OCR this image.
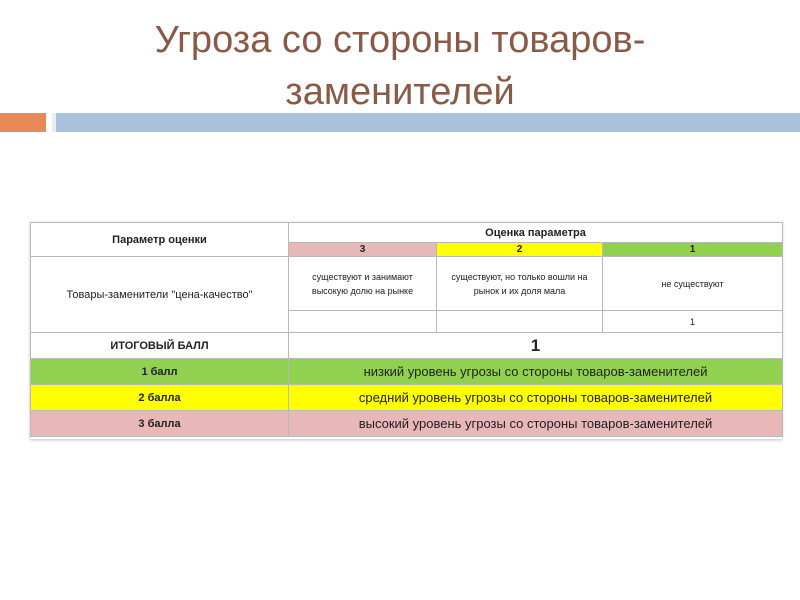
Угроза со стороны товаров-заменителей
Параметр оценки	Оценка параметра		
	3	2	1
Товары-заменители "цена-качество"	существуют и занимают высокую долю на рынке	существуют, но только вошли на рынок и их доля мала	не существуют
			1
ИТОГОВЫЙ БАЛЛ	1		
1 балл	низкий уровень угрозы со стороны товаров-заменителей		
2 балла	средний уровень угрозы со стороны товаров-заменителей		
3 балла	высокий уровень угрозы со стороны товаров-заменителей		
